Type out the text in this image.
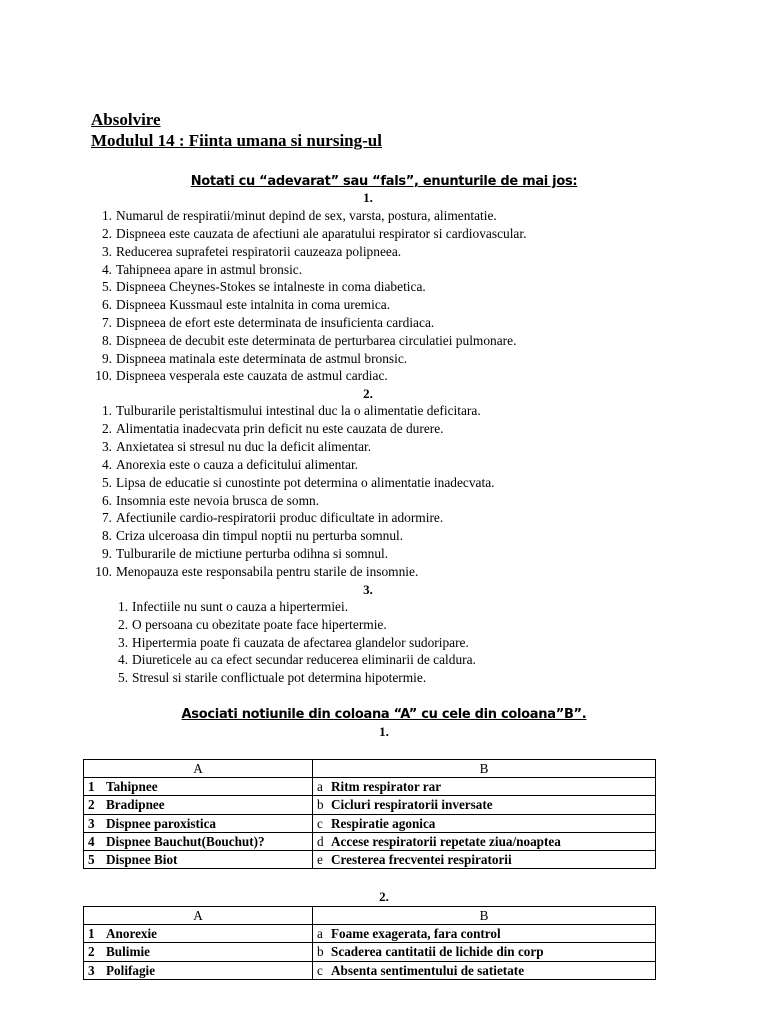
Absolvire
Modulul 14 : Fiinta umana si nursing-ul
Notati cu “adevarat” sau “fals”, enunturile de mai jos:
1.
1. Numarul de respiratii/minut depind de sex, varsta, postura, alimentatie.
2. Dispneea este cauzata de afectiuni ale aparatului respirator si cardiovascular.
3. Reducerea suprafetei respiratorii cauzeaza polipneea.
4. Tahipneea apare in astmul bronsic.
5. Dispneea Cheynes-Stokes se intalneste in coma diabetica.
6. Dispneea Kussmaul este intalnita in coma uremica.
7. Dispneea de efort este determinata de insuficienta cardiaca.
8. Dispneea de decubit este determinata de perturbarea circulatiei pulmonare.
9. Dispneea matinala este determinata de astmul bronsic.
10. Dispneea vesperala este cauzata de astmul cardiac.
2.
1. Tulburarile peristaltismului intestinal duc la o alimentatie deficitara.
2. Alimentatia inadecvata prin deficit nu este cauzata de durere.
3. Anxietatea si stresul nu duc la deficit alimentar.
4. Anorexia este o cauza a deficitului alimentar.
5. Lipsa de educatie si cunostinte pot determina o alimentatie inadecvata.
6. Insomnia este nevoia brusca de somn.
7. Afectiunile cardio-respiratorii produc dificultate in adormire.
8. Criza ulceroasa din timpul noptii nu perturba somnul.
9. Tulburarile de mictiune perturba odihna si somnul.
10. Menopauza este responsabila pentru starile de insomnie.
3.
1. Infectiile nu sunt o cauza a hipertermiei.
2. O persoana cu obezitate poate face hipertermie.
3. Hipertermia poate fi cauzata de afectarea glandelor sudoripare.
4. Diureticele au ca efect secundar reducerea eliminarii de caldura.
5. Stresul si starile conflictuale pot determina hipotermie.
Asociati notiunile din coloana “A” cu cele din coloana”B”.
1.
A	B
1 Tahipnee	a Ritm respirator rar
2 Bradipnee	b Cicluri respiratorii inversate
3 Dispnee paroxistica	c Respiratie agonica
4 Dispnee Bauchut(Bouchut)?	d Accese respiratorii repetate ziua/noaptea
5 Dispnee Biot	e Cresterea frecventei respiratorii
2.
A	B
1 Anorexie	a Foame exagerata, fara control
2 Bulimie	b Scaderea cantitatii de lichide din corp
3 Polifagie	c Absenta sentimentului de satietate
